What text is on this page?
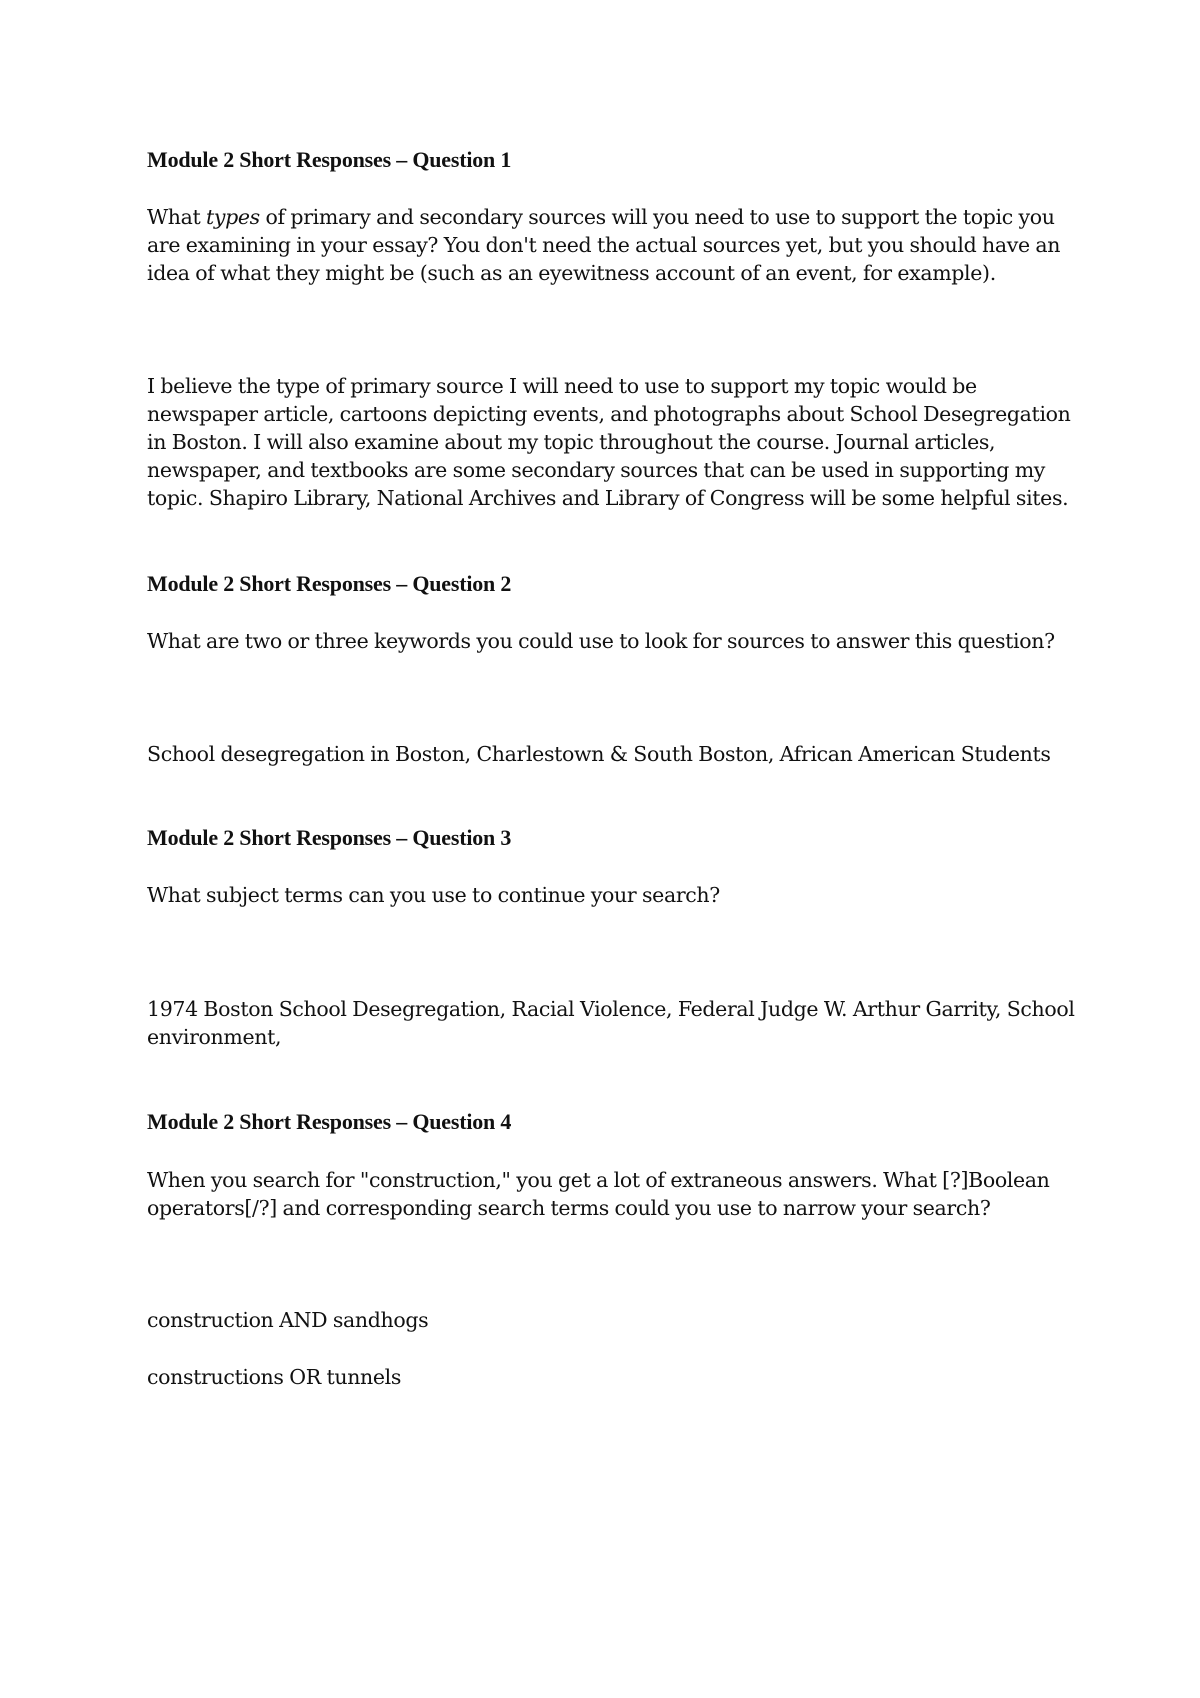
Module 2 Short Responses – Question 1

What types of primary and secondary sources will you need to use to support the topic you are examining in your essay? You don't need the actual sources yet, but you should have an idea of what they might be (such as an eyewitness account of an event, for example).

I believe the type of primary source I will need to use to support my topic would be newspaper article, cartoons depicting events, and photographs about School Desegregation in Boston. I will also examine about my topic throughout the course. Journal articles, newspaper, and textbooks are some secondary sources that can be used in supporting my topic. Shapiro Library, National Archives and Library of Congress will be some helpful sites.

Module 2 Short Responses – Question 2

What are two or three keywords you could use to look for sources to answer this question?

School desegregation in Boston, Charlestown & South Boston, African American Students

Module 2 Short Responses – Question 3

What subject terms can you use to continue your search?

1974 Boston School Desegregation, Racial Violence, Federal Judge W. Arthur Garrity, School environment,

Module 2 Short Responses – Question 4

When you search for "construction," you get a lot of extraneous answers. What [?]Boolean operators[/?] and corresponding search terms could you use to narrow your search?

construction AND sandhogs

constructions OR tunnels
